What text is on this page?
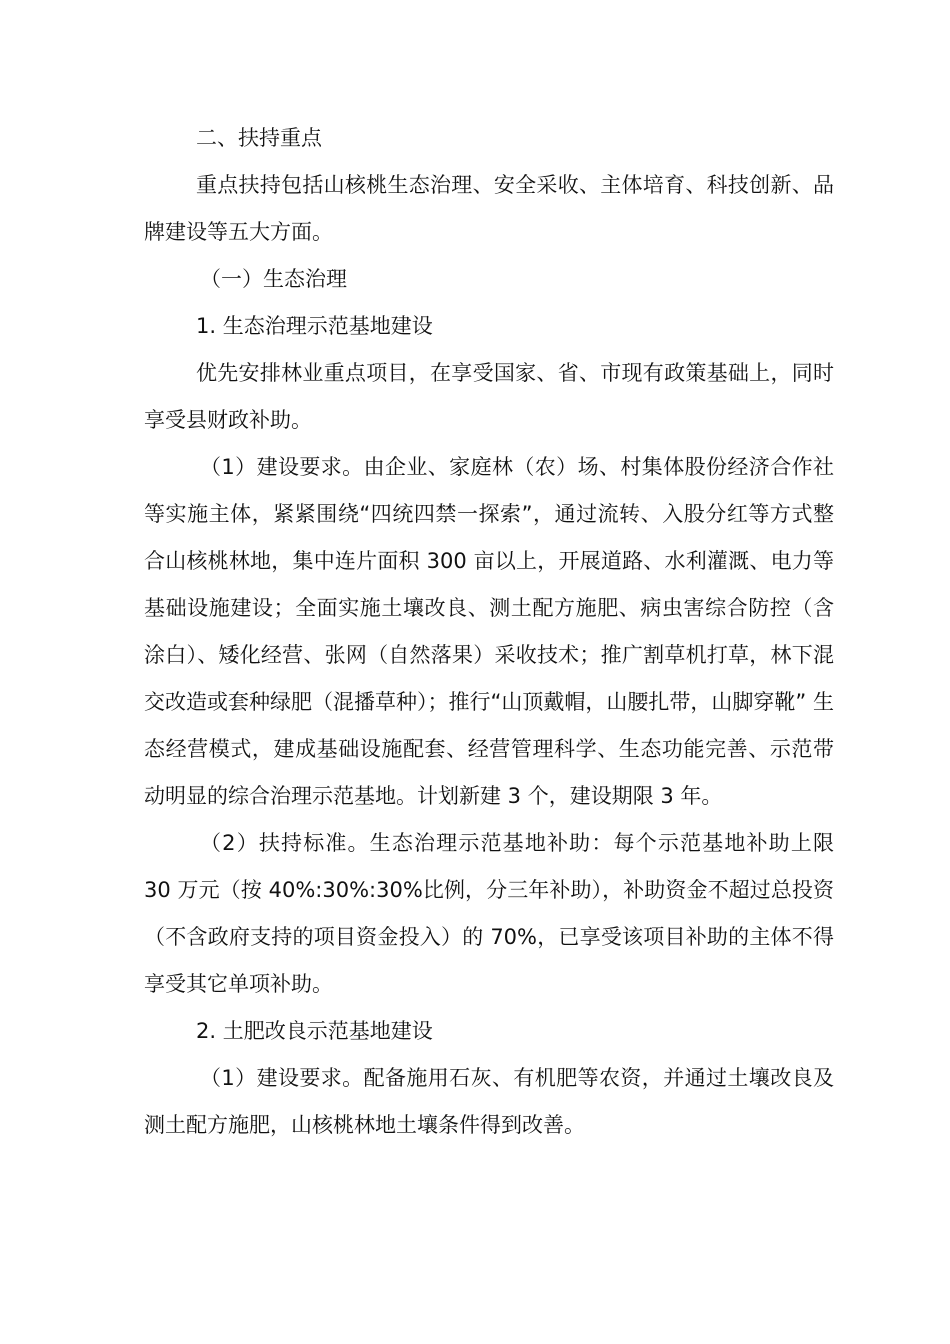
二、扶持重点

重点扶持包括山核桃生态治理、安全采收、主体培育、科技创新、品牌建设等五大方面。

（一）生态治理

1. 生态治理示范基地建设

优先安排林业重点项目，在享受国家、省、市现有政策基础上，同时享受县财政补助。

（1）建设要求。由企业、家庭林（农）场、村集体股份经济合作社等实施主体，紧紧围绕“四统四禁一探索”，通过流转、入股分红等方式整合山核桃林地，集中连片面积 300 亩以上，开展道路、水利灌溉、电力等基础设施建设；全面实施土壤改良、测土配方施肥、病虫害综合防控（含涂白）、矮化经营、张网（自然落果）采收技术；推广割草机打草，林下混交改造或套种绿肥（混播草种）；推行“山顶戴帽，山腰扎带，山脚穿靴” 生态经营模式，建成基础设施配套、经营管理科学、生态功能完善、示范带动明显的综合治理示范基地。计划新建 3 个，建设期限 3 年。

（2）扶持标准。生态治理示范基地补助：每个示范基地补助上限 30 万元（按 40%:30%:30%比例，分三年补助），补助资金不超过总投资（不含政府支持的项目资金投入）的 70%，已享受该项目补助的主体不得享受其它单项补助。

2. 土肥改良示范基地建设

（1）建设要求。配备施用石灰、有机肥等农资，并通过土壤改良及测土配方施肥，山核桃林地土壤条件得到改善。
